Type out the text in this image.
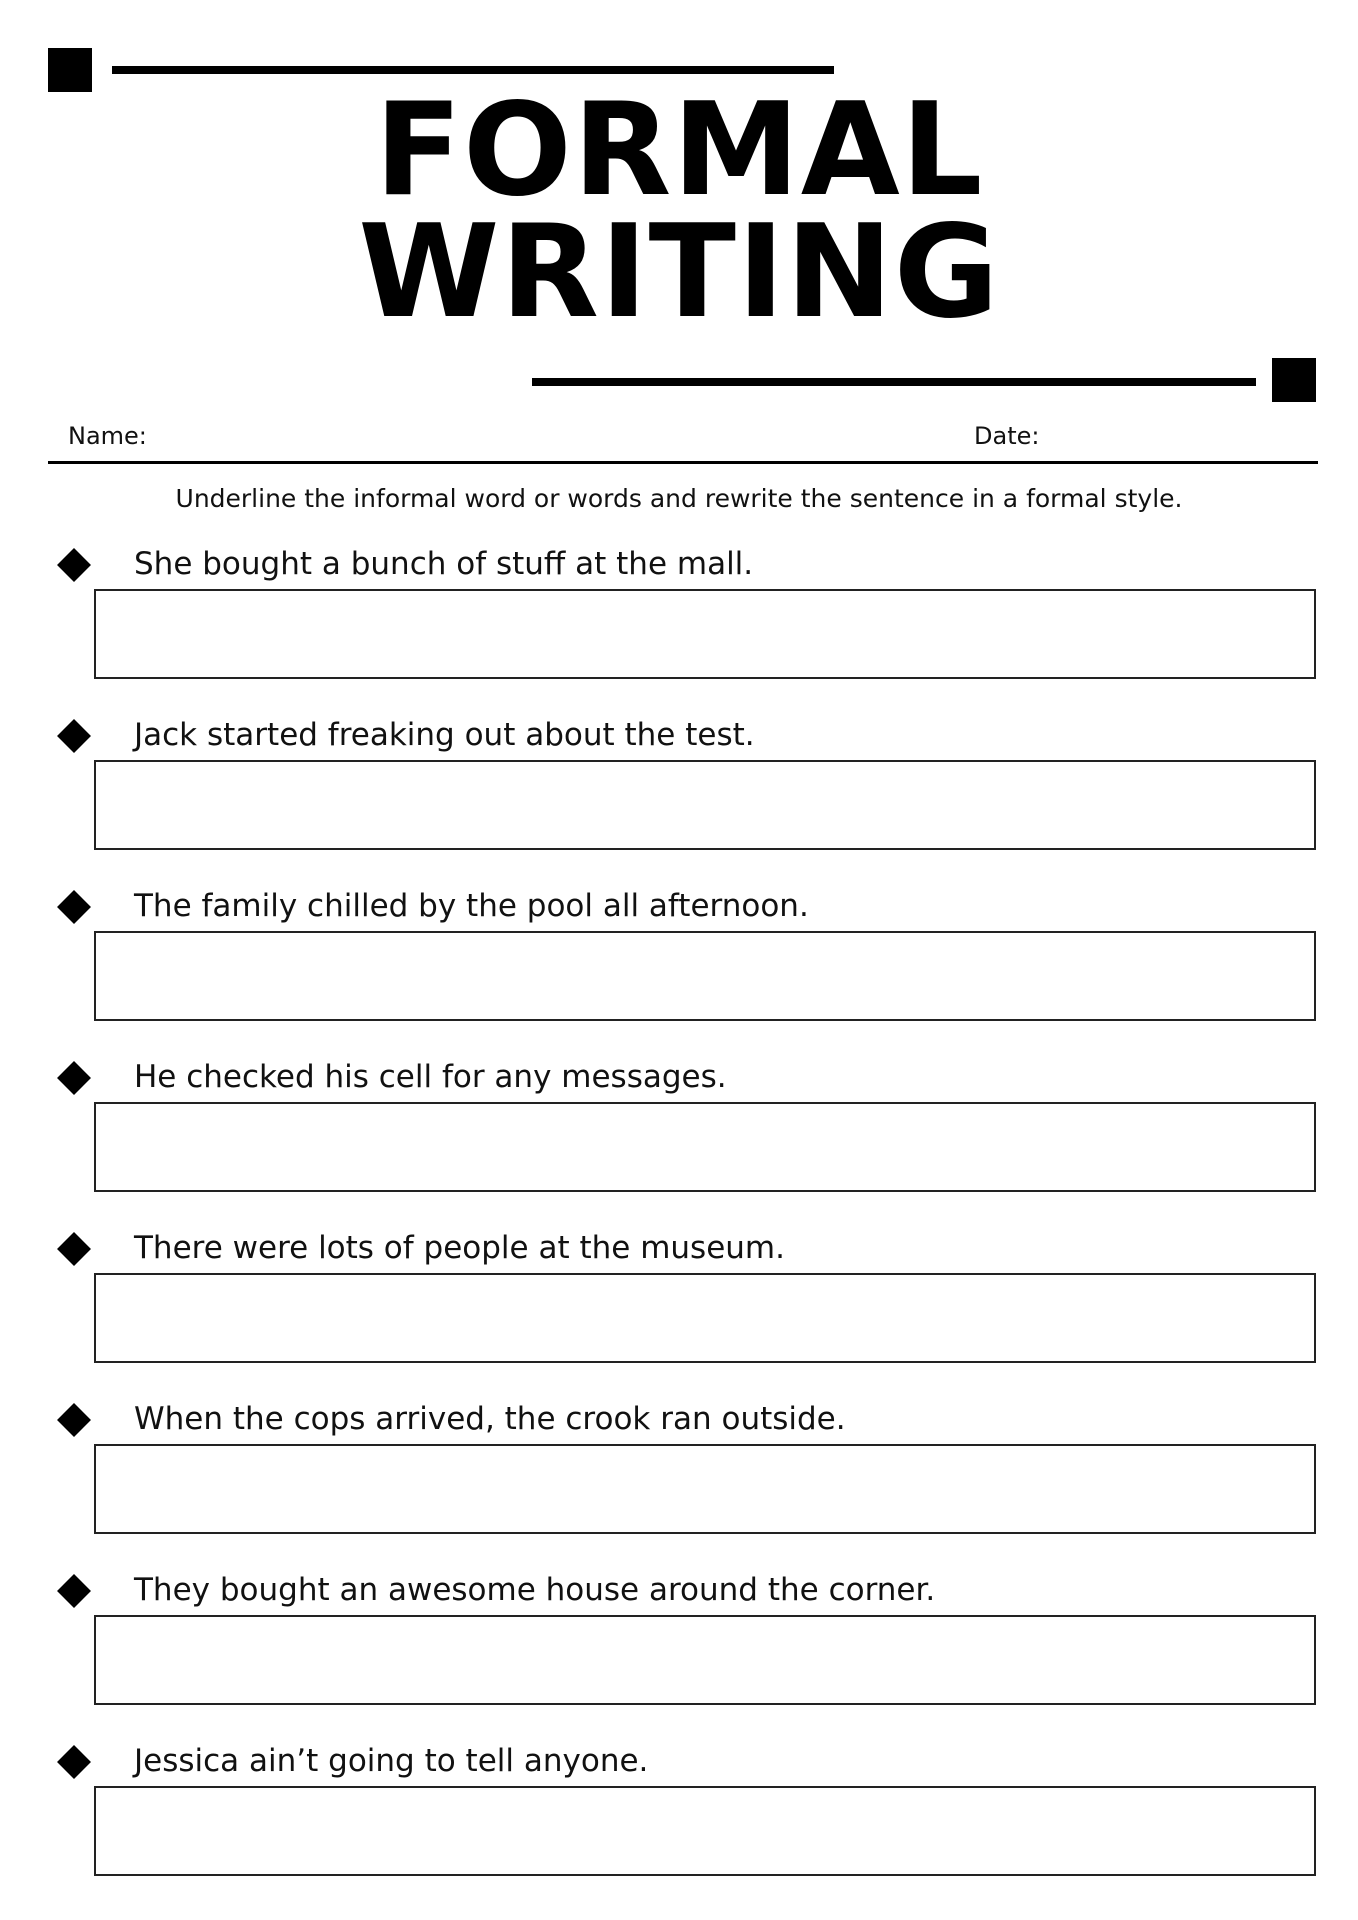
FORMAL
WRITING
Name:	Date:
Underline the informal word or words and rewrite the sentence in a formal style.
She bought a bunch of stuff at the mall.
Jack started freaking out about the test.
The family chilled by the pool all afternoon.
He checked his cell for any messages.
There were lots of people at the museum.
When the cops arrived, the crook ran outside.
They bought an awesome house around the corner.
Jessica ain’t going to tell anyone.
